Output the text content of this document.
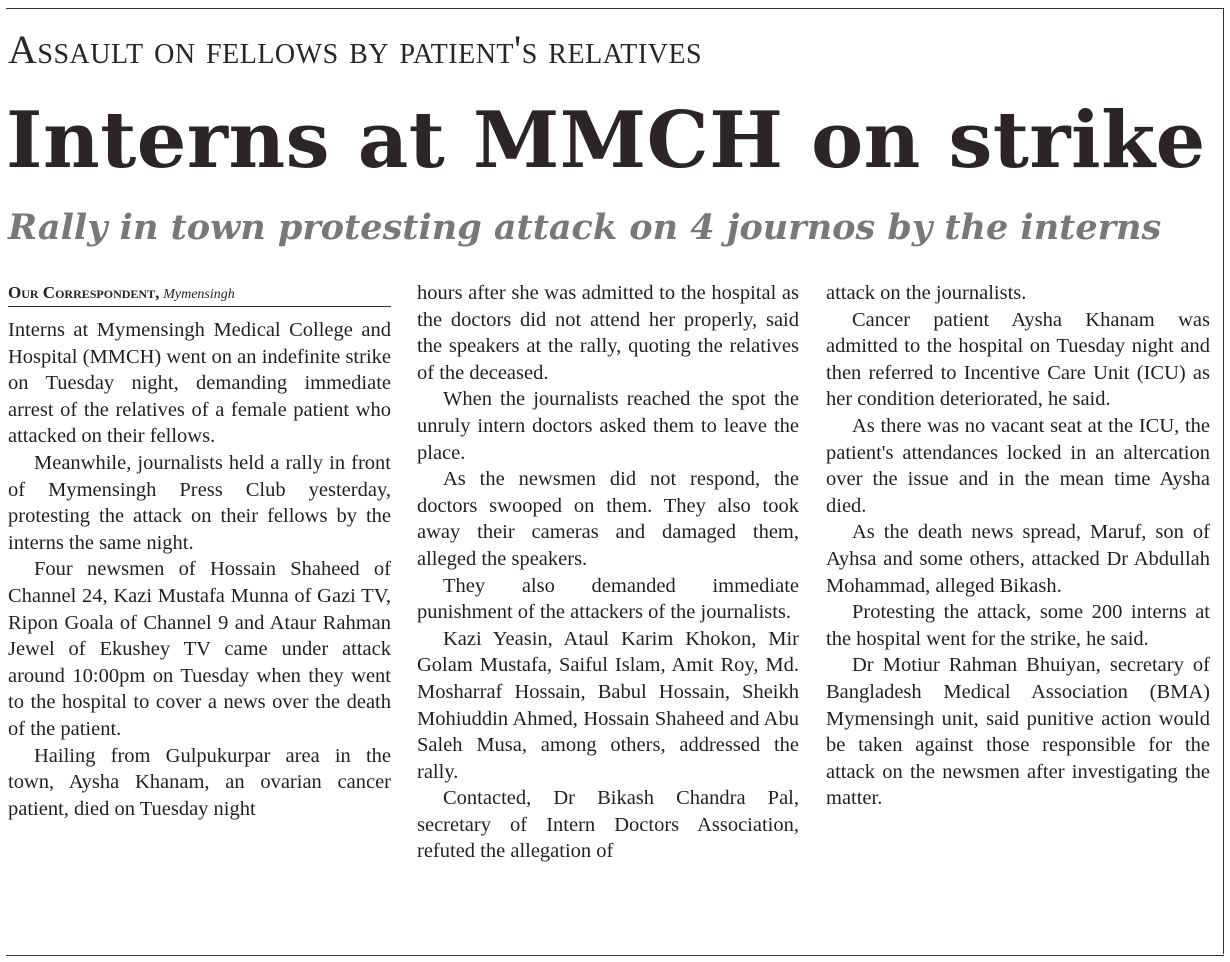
Assault on fellows by patient's relatives
Interns at MMCH on strike
Rally in town protesting attack on 4 journos by the interns
Our Correspondent, Mymensingh

Interns at Mymensingh Medical College and Hospital (MMCH) went on an indefinite strike on Tuesday night, demanding immediate arrest of the relatives of a female patient who attacked on their fellows.

Meanwhile, journalists held a rally in front of Mymensingh Press Club yesterday, protesting the attack on their fellows by the interns the same night.

Four newsmen of Hossain Shaheed of Channel 24, Kazi Mustafa Munna of Gazi TV, Ripon Goala of Channel 9 and Ataur Rahman Jewel of Ekushey TV came under attack around 10:00pm on Tuesday when they went to the hospital to cover a news over the death of the patient.

Hailing from Gulpukurpar area in the town, Aysha Khanam, an ovarian cancer patient, died on Tuesday night

hours after she was admitted to the hospital as the doctors did not attend her properly, said the speakers at the rally, quoting the relatives of the deceased.

When the journalists reached the spot the unruly intern doctors asked them to leave the place.

As the newsmen did not respond, the doctors swooped on them. They also took away their cameras and damaged them, alleged the speakers.

They also demanded immediate punishment of the attackers of the journalists.

Kazi Yeasin, Ataul Karim Khokon, Mir Golam Mustafa, Saiful Islam, Amit Roy, Md. Mosharraf Hossain, Babul Hossain, Sheikh Mohiuddin Ahmed, Hossain Shaheed and Abu Saleh Musa, among others, addressed the rally.

Contacted, Dr Bikash Chandra Pal, secretary of Intern Doctors Association, refuted the allegation of

attack on the journalists.

Cancer patient Aysha Khanam was admitted to the hospital on Tuesday night and then referred to Incentive Care Unit (ICU) as her condition deteriorated, he said.

As there was no vacant seat at the ICU, the patient's attendances locked in an altercation over the issue and in the mean time Aysha died.

As the death news spread, Maruf, son of Ayhsa and some others, attacked Dr Abdullah Mohammad, alleged Bikash.

Protesting the attack, some 200 interns at the hospital went for the strike, he said.

Dr Motiur Rahman Bhuiyan, secretary of Bangladesh Medical Association (BMA) Mymensingh unit, said punitive action would be taken against those responsible for the attack on the newsmen after investigating the matter.
